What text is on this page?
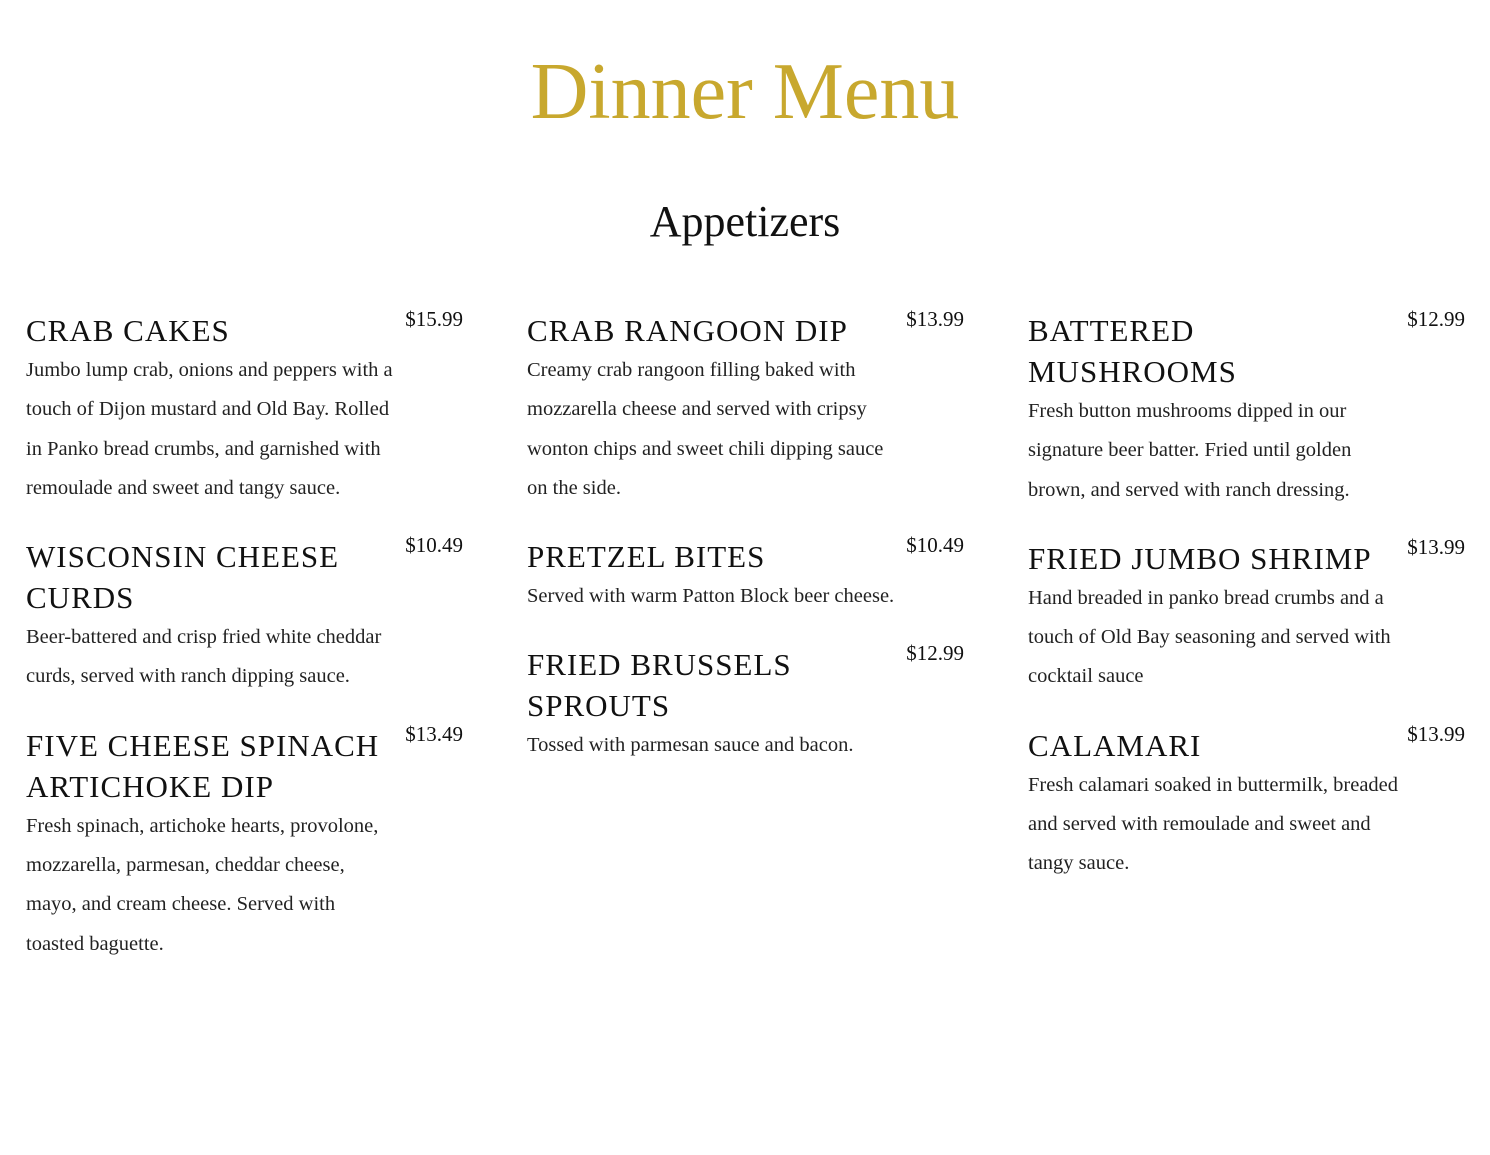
Dinner Menu
Appetizers
CRAB CAKES	$15.99

Jumbo lump crab, onions and peppers with a touch of Dijon mustard and Old Bay. Rolled in Panko bread crumbs, and garnished with remoulade and sweet and tangy sauce.

WISCONSIN CHEESE CURDS
$10.49

Beer-battered and crisp fried white cheddar curds, served with ranch dipping sauce.

FIVE CHEESE SPINACH ARTICHOKE DIP
$13.49

Fresh spinach, artichoke hearts, provolone, mozzarella, parmesan, cheddar cheese, mayo, and cream cheese. Served with toasted baguette.

CRAB RANGOON DIP	$13.99

Creamy crab rangoon filling baked with mozzarella cheese and served with cripsy wonton chips and sweet chili dipping sauce on the side.

PRETZEL BITES	$10.49

Served with warm Patton Block beer cheese.

FRIED BRUSSELS SPROUTS
$12.99

Tossed with parmesan sauce and bacon.

BATTERED MUSHROOMS
$12.99

Fresh button mushrooms dipped in our signature beer batter. Fried until golden brown, and served with ranch dressing.

FRIED JUMBO SHRIMP	$13.99

Hand breaded in panko bread crumbs and a touch of Old Bay seasoning and served with cocktail sauce

CALAMARI	$13.99

Fresh calamari soaked in buttermilk, breaded and served with remoulade and sweet and tangy sauce.
